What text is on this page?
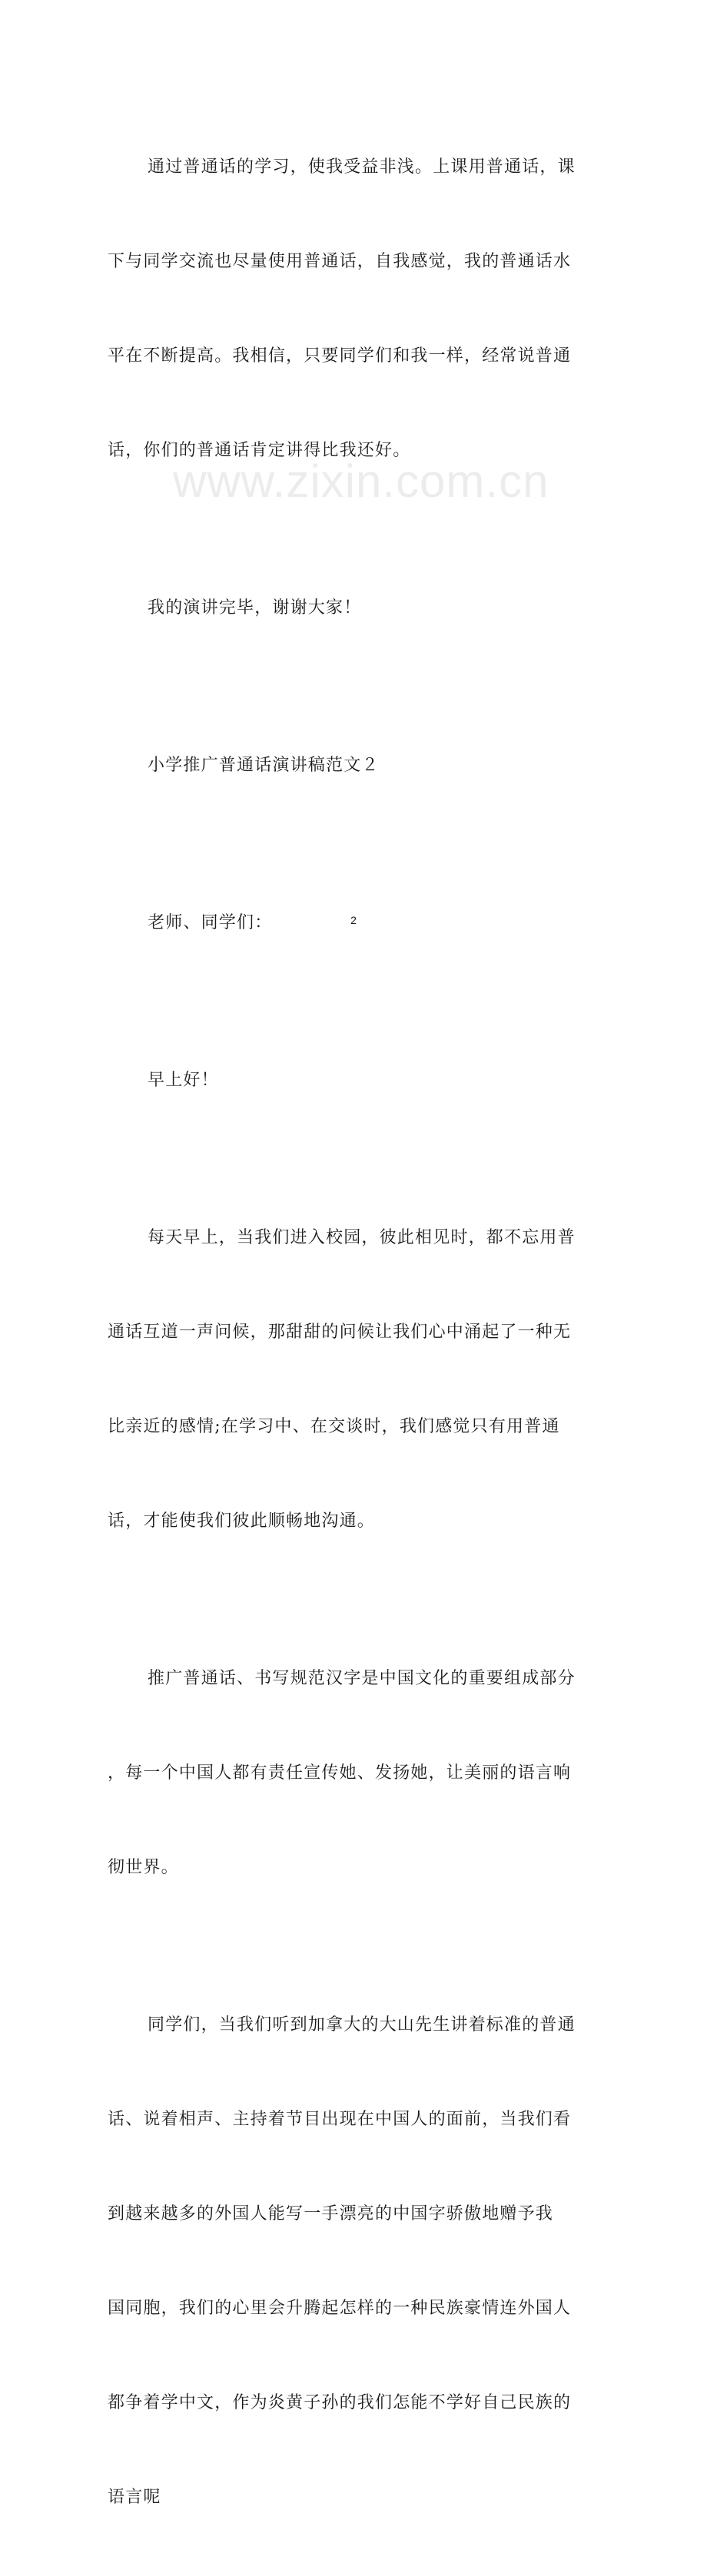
通过普通话的学习，使我受益非浅。上课用普通话，课

下与同学交流也尽量使用普通话，自我感觉，我的普通话水

平在不断提高。我相信，只要同学们和我一样，经常说普通

话，你们的普通话肯定讲得比我还好。

我的演讲完毕，谢谢大家！

小学推广普通话演讲稿范文２

老师、同学们：

早上好！

每天早上，当我们进入校园，彼此相见时，都不忘用普

通话互道一声问候，那甜甜的问候让我们心中涌起了一种无

比亲近的感情;在学习中、在交谈时，我们感觉只有用普通

话，才能使我们彼此顺畅地沟通。

推广普通话、书写规范汉字是中国文化的重要组成部分

，每一个中国人都有责任宣传她、发扬她，让美丽的语言响

彻世界。

同学们，当我们听到加拿大的大山先生讲着标准的普通

话、说着相声、主持着节目出现在中国人的面前，当我们看

到越来越多的外国人能写一手漂亮的中国字骄傲地赠予我

国同胞，我们的心里会升腾起怎样的一种民族豪情连外国人

都争着学中文，作为炎黄子孙的我们怎能不学好自己民族的

语言呢

www.zixin.com.cn
2
